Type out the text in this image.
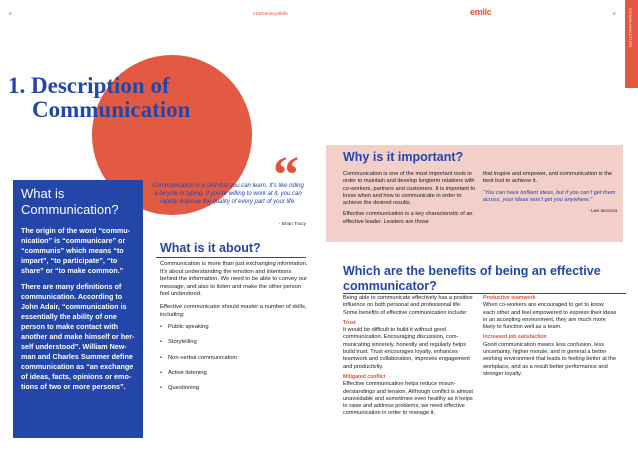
8	21stCenturySkills
1. Description of
Communication
What is
Communication?

The origin of the word “communication” is “communicare” or “communis” which means “to impart”, “to participate”, “to share” or “to make common.”

There are many definitions of communication. According to John Adair, “communication is essentially the ability of one person to make contact with another and make himself or herself understood”. William Newman and Charles Summer define communication as “an exchange of ideas, facts, opinions or emotions of two or more persons”.

“

Communication is a skill that you can learn. It’s like riding a bicycle or typing. If you’re willing to work at it, you can rapidly improve the quality of every part of your life.

- Brian Tracy
What is it about?

Communication is more than just exchanging information. It’s about understanding the emotion and intentions behind the information. We need to be able to convey our message, and also to listen and make the other person feel understood.

Effective communicator should master a number of skills, including:

• Public speaking
• Storytelling
• Non-verbal communication
• Active listening
• Questioning
emilc	9	COMMUNICATION
Why is it important?

Communication is one of the most important tools in order to maintain and develop longterm relations with co-workers, partners and customers. It is important to know when and how to communicate in order to achieve the desired results.

Effective communication is a key characteristic of an effective leader. Leaders are those

that inspire and empower, and communication is the best tool to achieve it.

“You can have brilliant ideas, but if you can’t get them across, your ideas won’t get you anywhere.”

- Lee Iacocca

Which are the benefits of being an effective communicator?

Being able to communicate effectively has a positive influence on both personal and professional life. Some benefits of effective communication include:

Trust

It would be difficult to build it without good communication. Encouraging discussion, communicating sincerely, honestly and regularly helps build trust. Trust encourages loyalty, enhances teamwork and collaboration, improves engagement and productivity.

Mitigated conflict

Effective communication helps reduce misunderstandings and tension. Although conflict is almost unavoidable and sometimes even healthy as it helps to raise and address problems, we need effective communication in order to manage it.

Productive teamwork

When co-workers are encouraged to get to know each other and feel empowered to express their ideas in an accepting environment, they are much more likely to function well as a team.

Increased job satisfaction

Good communication means less confusion, less uncertainty, higher morale, and in general a better working environment that leads to feeling better at the workplace, and as a result better performance and stronger loyalty.
